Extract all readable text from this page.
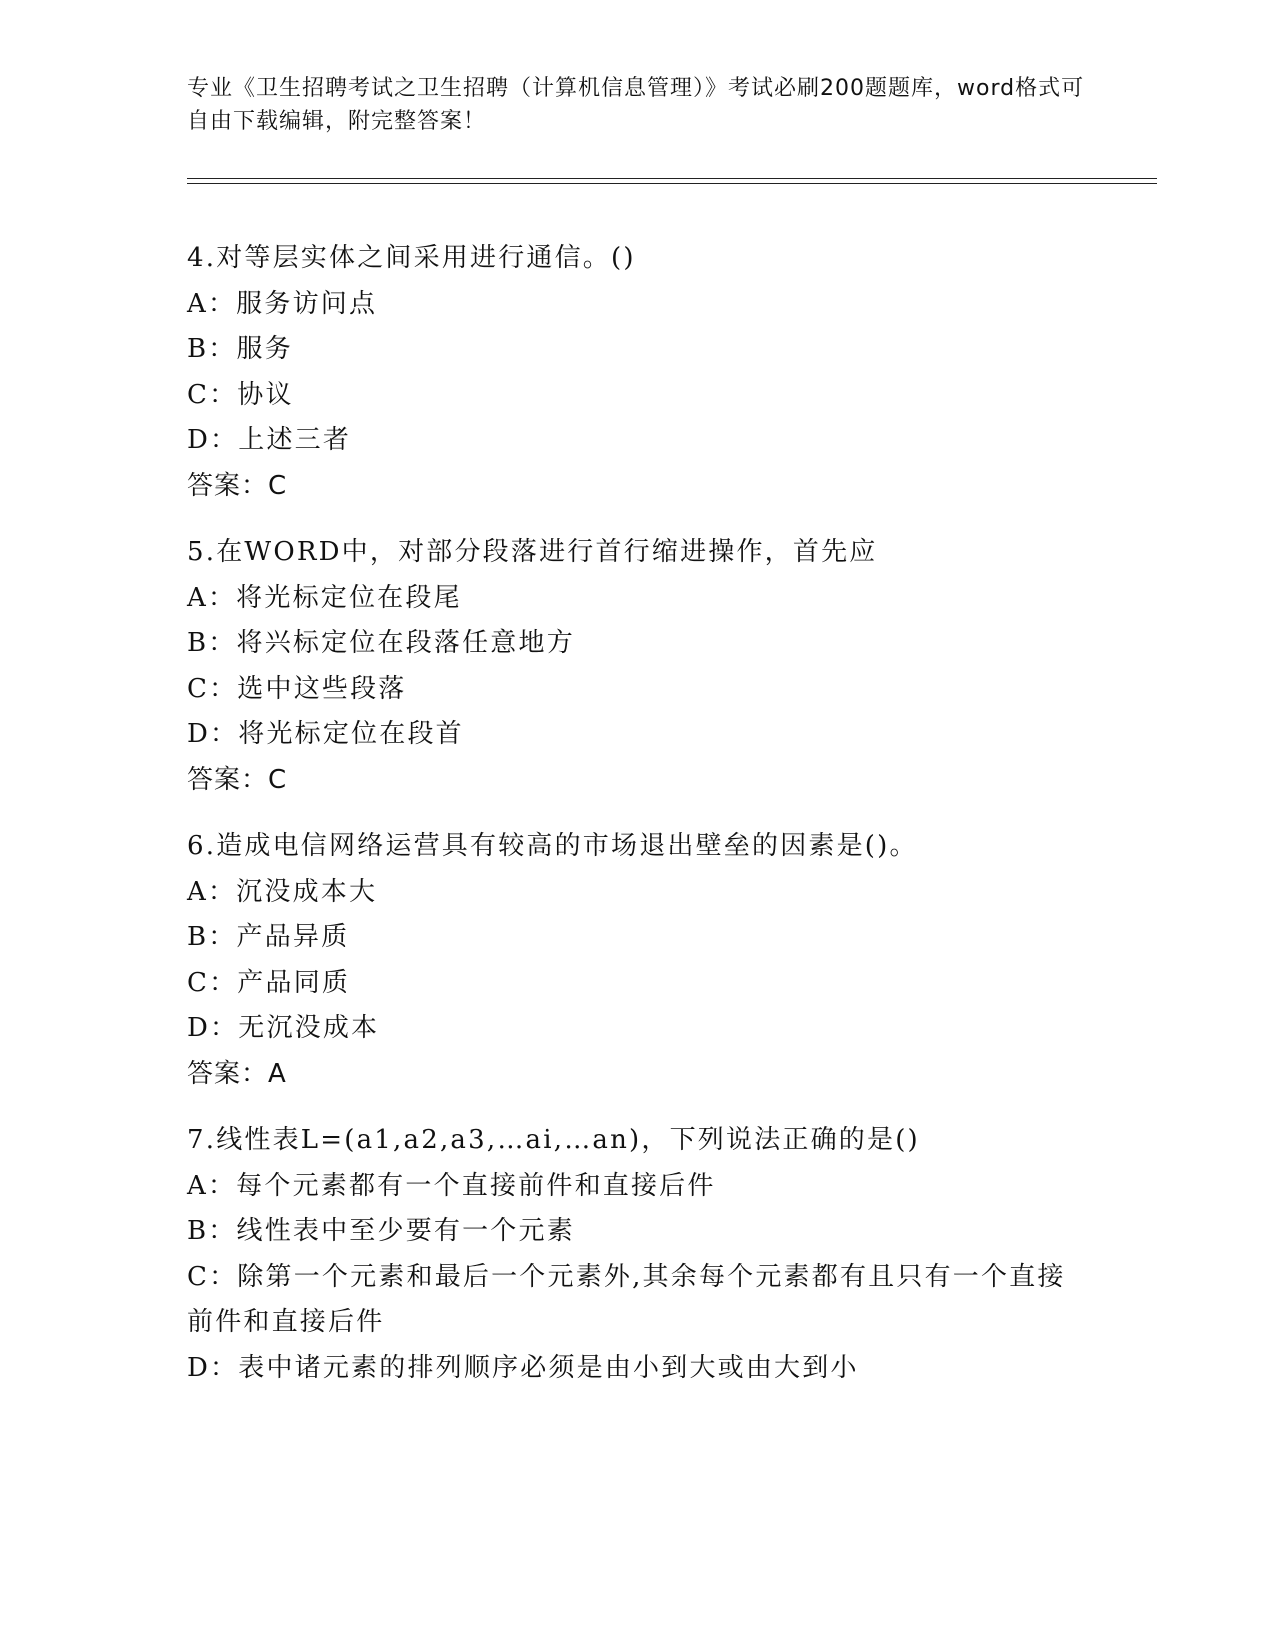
专业《卫生招聘考试之卫生招聘（计算机信息管理）》考试必刷200题题库，word格式可自由下载编辑，附完整答案！
4.对等层实体之间采用进行通信。()
A：服务访问点
B：服务
C：协议
D：上述三者
答案：C
5.在WORD中，对部分段落进行首行缩进操作，首先应
A：将光标定位在段尾
B：将兴标定位在段落任意地方
C：选中这些段落
D：将光标定位在段首
答案：C
6.造成电信网络运营具有较高的市场退出壁垒的因素是()。
A：沉没成本大
B：产品异质
C：产品同质
D：无沉没成本
答案：A
7.线性表L=(a1,a2,a3,…ai,…an)，下列说法正确的是()
A：每个元素都有一个直接前件和直接后件
B：线性表中至少要有一个元素
C：除第一个元素和最后一个元素外,其余每个元素都有且只有一个直接前件和直接后件
D：表中诸元素的排列顺序必须是由小到大或由大到小
